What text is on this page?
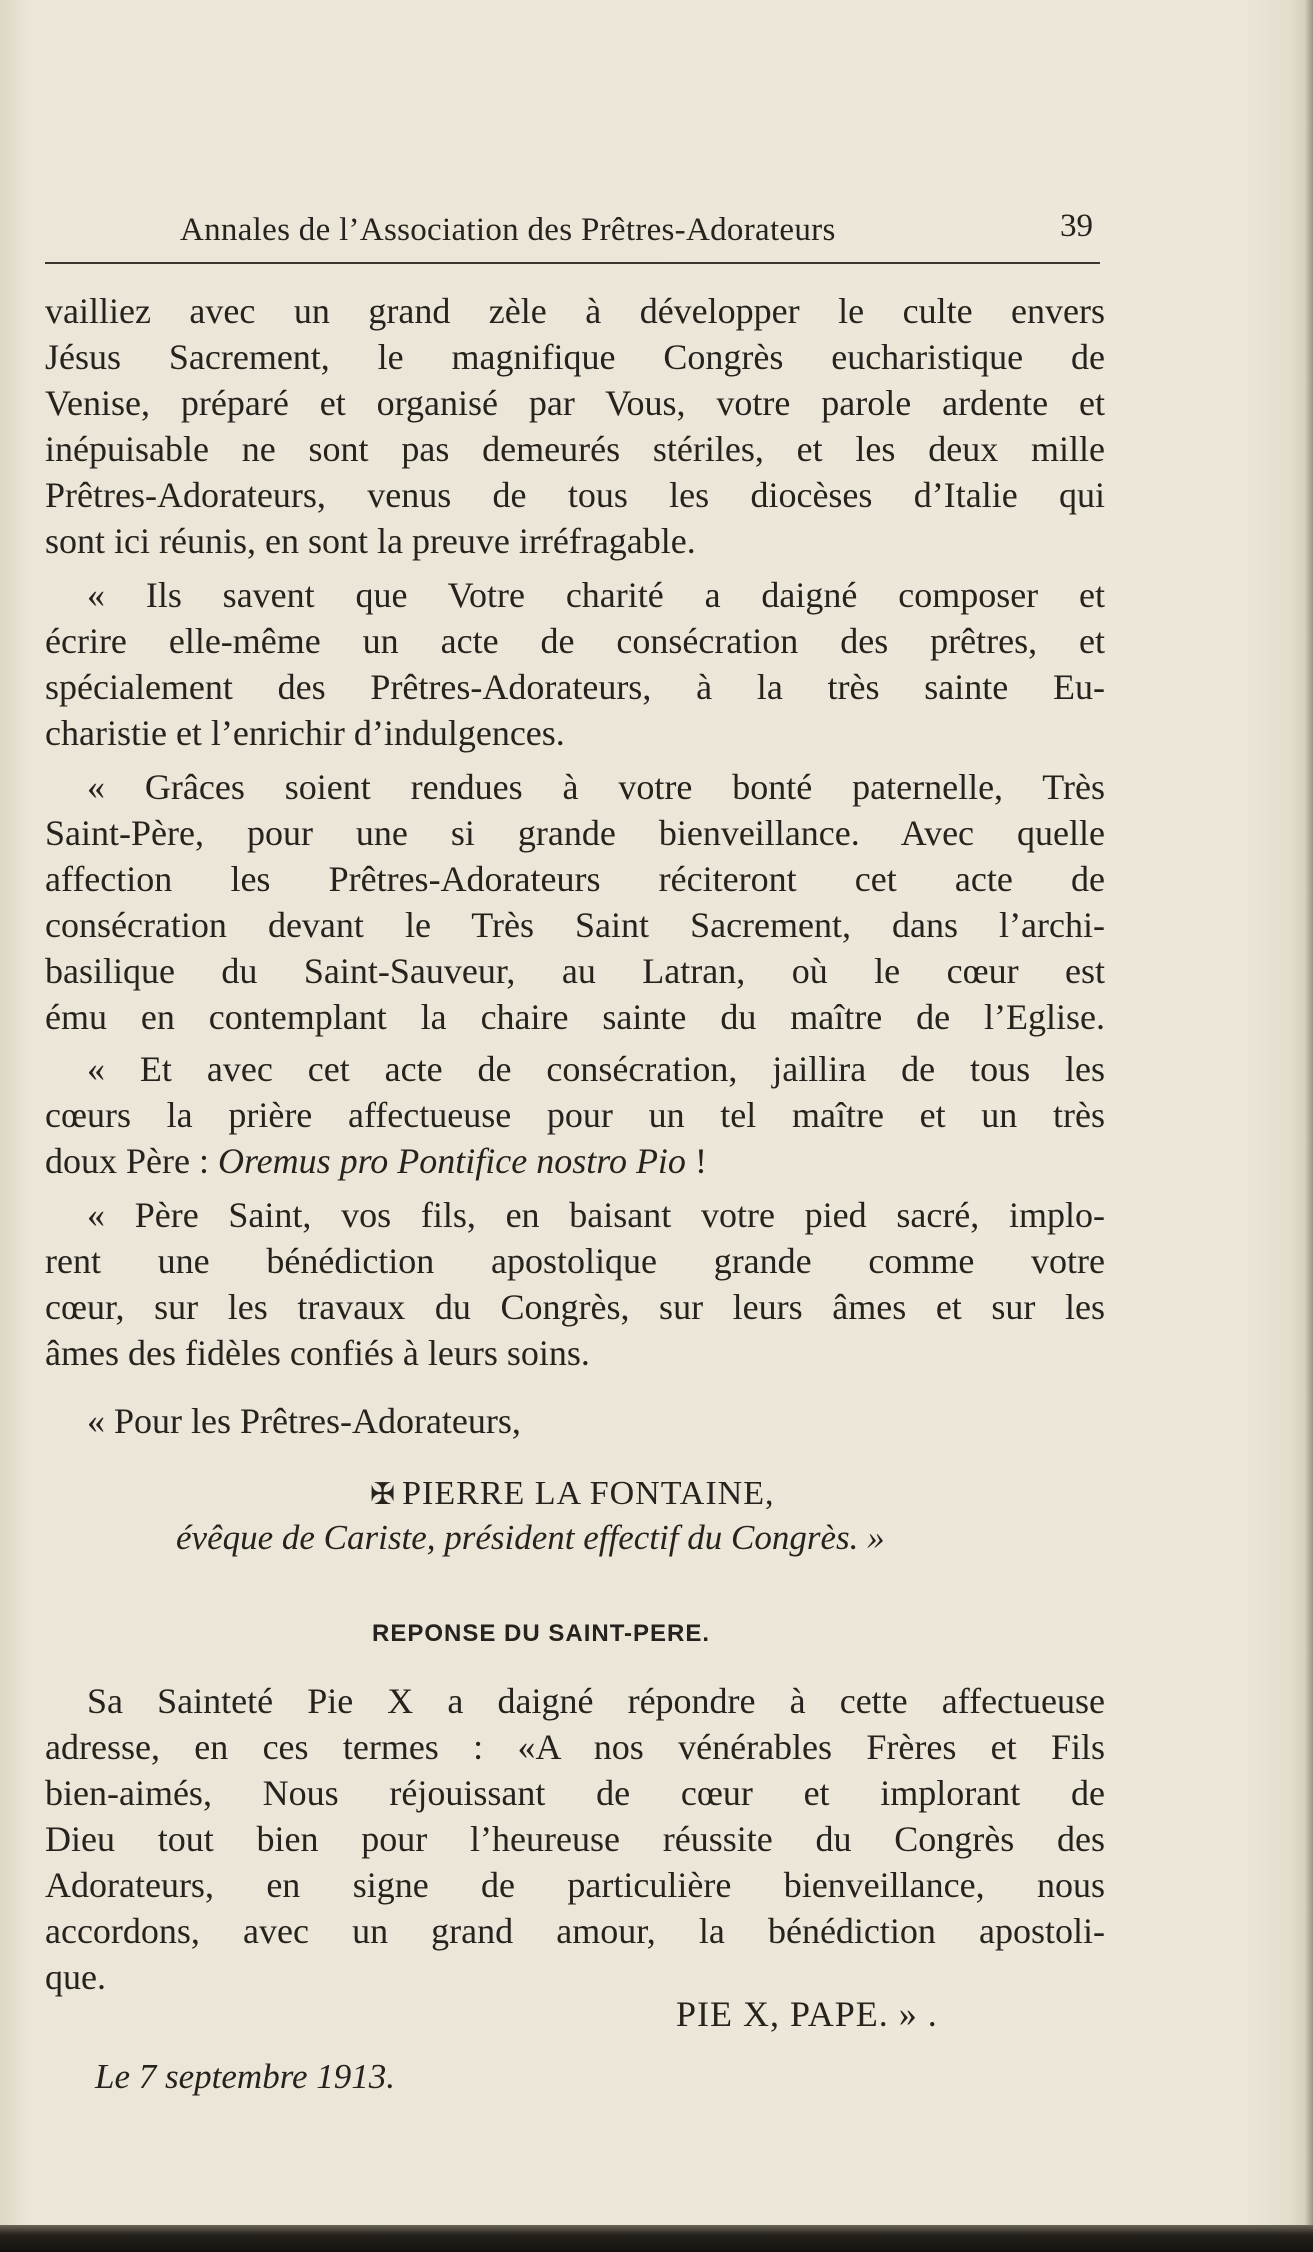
Annales de l’Association des Prêtres-Adorateurs	39
vailliez avec un grand zèle à développer le culte envers
Jésus Sacrement, le magnifique Congrès eucharistique de
Venise, préparé et organisé par Vous, votre parole ardente et
inépuisable ne sont pas demeurés stériles, et les deux mille
Prêtres-Adorateurs, venus de tous les diocèses d’Italie qui
sont ici réunis, en sont la preuve irréfragable.
« Ils savent que Votre charité a daigné composer et
écrire elle-même un acte de consécration des prêtres, et
spécialement des Prêtres-Adorateurs, à la très sainte Eu-
charistie et l’enrichir d’indulgences.
« Grâces soient rendues à votre bonté paternelle, Très
Saint-Père, pour une si grande bienveillance. Avec quelle
affection les Prêtres-Adorateurs réciteront cet acte de
consécration devant le Très Saint Sacrement, dans l’archi-
basilique du Saint-Sauveur, au Latran, où le cœur est
ému en contemplant la chaire sainte du maître de l’Eglise.
« Et avec cet acte de consécration, jaillira de tous les
cœurs la prière affectueuse pour un tel maître et un très
doux Père : Oremus pro Pontifice nostro Pio !
« Père Saint, vos fils, en baisant votre pied sacré, implo-
rent une bénédiction apostolique grande comme votre
cœur, sur les travaux du Congrès, sur leurs âmes et sur les
âmes des fidèles confiés à leurs soins.
« Pour les Prêtres-Adorateurs,
✠ PIERRE LA FONTAINE,
évêque de Cariste, président effectif du Congrès. »
REPONSE DU SAINT-PERE.
Sa Sainteté Pie X a daigné répondre à cette affectueuse
adresse, en ces termes : «A nos vénérables Frères et Fils
bien-aimés, Nous réjouissant de cœur et implorant de
Dieu tout bien pour l’heureuse réussite du Congrès des
Adorateurs, en signe de particulière bienveillance, nous
accordons, avec un grand amour, la bénédiction apostoli-
que.
PIE X, PAPE. » .
Le 7 septembre 1913.
